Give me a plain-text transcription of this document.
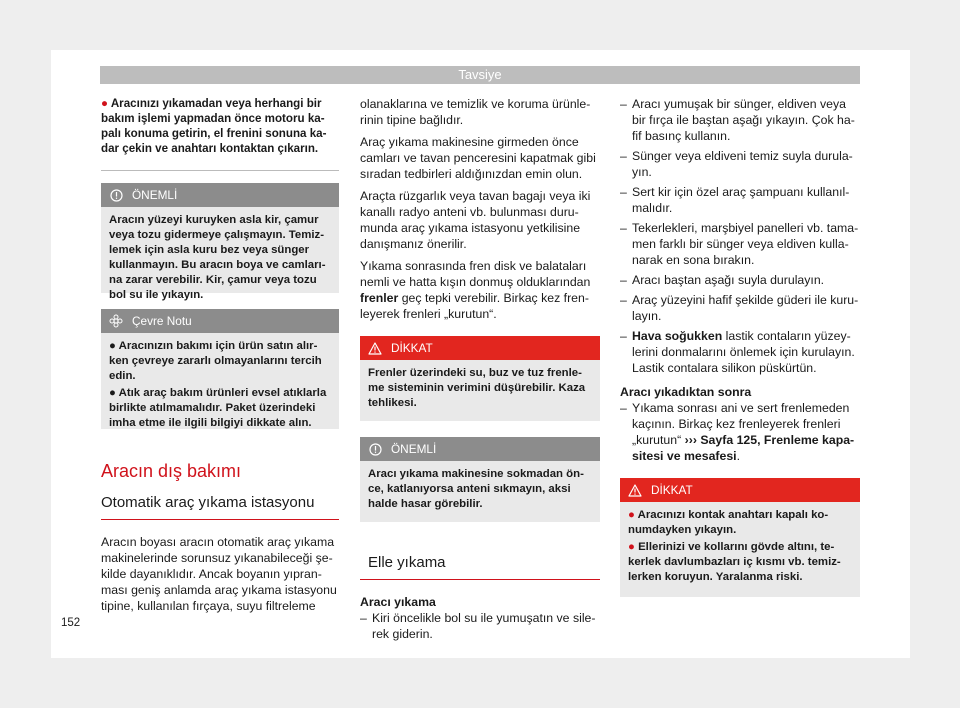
Tavsiye

● Aracınızı yıkamadan veya herhangi bir bakım işlemi yapmadan önce motoru ka-palı konuma getirin, el frenini sonuna ka-dar çekin ve anahtarı kontaktan çıkarın.

ÖNEMLİ
Aracın yüzeyi kuruyken asla kir, çamur veya tozu gidermeye çalışmayın. Temiz-lemek için asla kuru bez veya sünger kullanmayın. Bu aracın boya ve camları-na zarar verebilir. Kir, çamur veya tozu bol su ile yıkayın.
Çevre Notu

● Aracınızın bakımı için ürün satın alır-ken çevreye zararlı olmayanlarını tercih edin.

● Atık araç bakım ürünleri evsel atıklarla birlikte atılmamalıdır. Paket üzerindeki imha etme ile ilgili bilgiyi dikkate alın.

Aracın dış bakımı
Otomatik araç yıkama istasyonu

Aracın boyası aracın otomatik araç yıkama makinelerinde sorunsuz yıkanabileceği şe-kilde dayanıklıdır. Ancak boyanın yıpran-ması geniş anlamda araç yıkama istasyonu tipine, kullanılan fırçaya, suyu filtreleme

olanaklarına ve temizlik ve koruma ürünle-rinin tipine bağlıdır.

Araç yıkama makinesine girmeden önce camları ve tavan penceresini kapatmak gibi sıradan tedbirleri aldığınızdan emin olun.

Araçta rüzgarlık veya tavan bagajı veya iki kanallı radyo anteni vb. bulunması duru-munda araç yıkama istasyonu yetkilisine danışmanız önerilir.

Yıkama sonrasında fren disk ve balataları nemli ve hatta kışın donmuş olduklarından frenler geç tepki verebilir. Birkaç kez fren-leyerek frenleri „kurutun“.

DİKKAT
Frenler üzerindeki su, buz ve tuz frenle-me sisteminin verimini düşürebilir. Kaza tehlikesi.
ÖNEMLİ
Aracı yıkama makinesine sokmadan ön-ce, katlanıyorsa anteni sıkmayın, aksi halde hasar görebilir.
Elle yıkama

Aracı yıkama

– Kiri öncelikle bol su ile yumuşatın ve sile-rek giderin.
– Aracı yumuşak bir sünger, eldiven veya bir fırça ile baştan aşağı yıkayın. Çok ha-fif basınç kullanın.
– Sünger veya eldiveni temiz suyla durula-yın.
– Sert kir için özel araç şampuanı kullanıl-malıdır.
– Tekerlekleri, marşbiyel panelleri vb. tama-men farklı bir sünger veya eldiven kulla-narak en sona bırakın.
– Aracı baştan aşağı suyla durulayın.
– Araç yüzeyini hafif şekilde güderi ile kuru-layın.
– Hava soğukken lastik contaların yüzey-lerini donmalarını önlemek için kurulayın. Lastik contalara silikon püskürtün.

Aracı yıkadıktan sonra

– Yıkama sonrası ani ve sert frenlemeden kaçının. Birkaç kez frenleyerek frenleri „kurutun“ ››› Sayfa 125, Frenleme kapa-sitesi ve mesafesi.
DİKKAT

● Aracınızı kontak anahtarı kapalı ko-numdayken yıkayın.

● Ellerinizi ve kollarını gövde altını, te-kerlek davlumbazları iç kısmı vb. temiz-lerken koruyun. Yaralanma riski.

152
